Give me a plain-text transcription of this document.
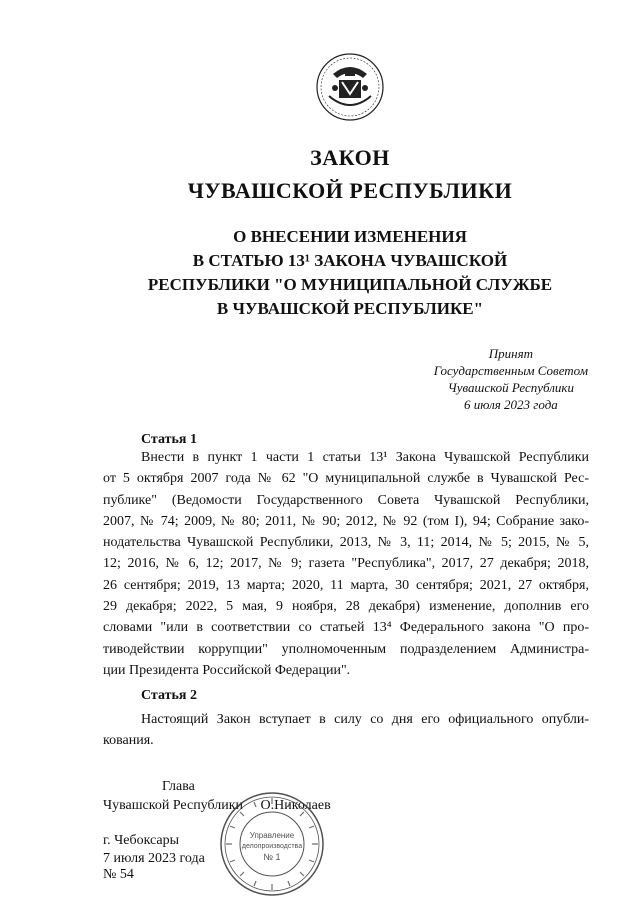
ЗАКОН
ЧУВАШСКОЙ РЕСПУБЛИКИ
О ВНЕСЕНИИ ИЗМЕНЕНИЯ
В СТАТЬЮ 13¹ ЗАКОНА ЧУВАШСКОЙ
РЕСПУБЛИКИ "О МУНИЦИПАЛЬНОЙ СЛУЖБЕ
В ЧУВАШСКОЙ РЕСПУБЛИКЕ"
Принят
Государственным Советом
Чувашской Республики
6 июля 2023 года
Статья 1
Внести в пункт 1 части 1 статьи 13¹ Закона Чувашской Республики
от 5 октября 2007 года № 62 "О муниципальной службе в Чувашской Рес-
публике" (Ведомости Государственного Совета Чувашской Республики,
2007, № 74; 2009, № 80; 2011, № 90; 2012, № 92 (том I), 94; Собрание зако-
нодательства Чувашской Республики, 2013, № 3, 11; 2014, № 5; 2015, № 5,
12; 2016, № 6, 12; 2017, № 9; газета "Республика", 2017, 27 декабря; 2018,
26 сентября; 2019, 13 марта; 2020, 11 марта, 30 сентября; 2021, 27 октября,
29 декабря; 2022, 5 мая, 9 ноября, 28 декабря) изменение, дополнив его
словами "или в соответствии со статьей 13⁴ Федерального закона "О про-
тиводействии коррупции" уполномоченным подразделением Администра-
ции Президента Российской Федерации".
Статья 2
Настоящий Закон вступает в силу со дня его официального опубли-
кования.
Глава
Чувашской Республики     О.Николаев
г. Чебоксары
7 июля 2023 года
№ 54
Управление
делопроизводства
№ 1
